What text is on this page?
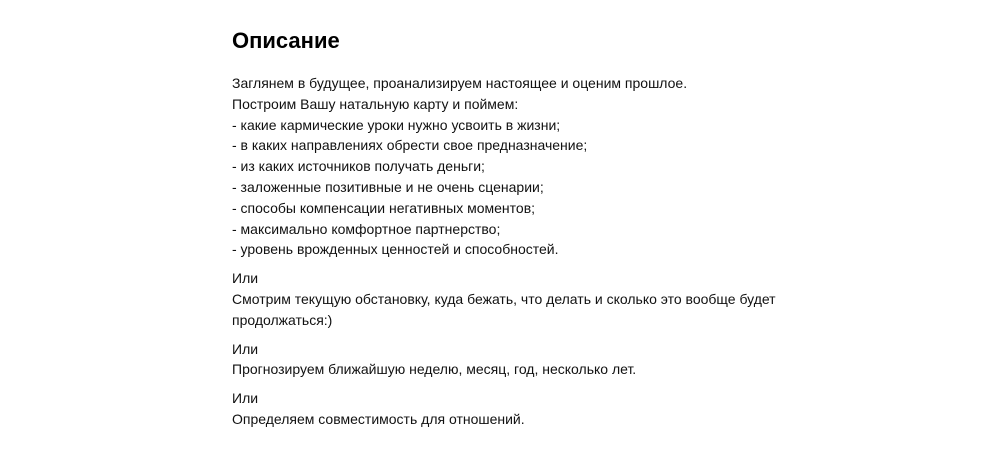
Описание
Заглянем в будущее, проанализируем настоящее и оценим прошлое.
Построим Вашу натальную карту и поймем:
- какие кармические уроки нужно усвоить в жизни;
- в каких направлениях обрести свое предназначение;
- из каких источников получать деньги;
- заложенные позитивные и не очень сценарии;
- способы компенсации негативных моментов;
- максимально комфортное партнерство;
- уровень врожденных ценностей и способностей.
Или
Смотрим текущую обстановку, куда бежать, что делать и сколько это вообще будет продолжаться:)
Или
Прогнозируем ближайшую неделю, месяц, год, несколько лет.
Или
Определяем совместимость для отношений.
